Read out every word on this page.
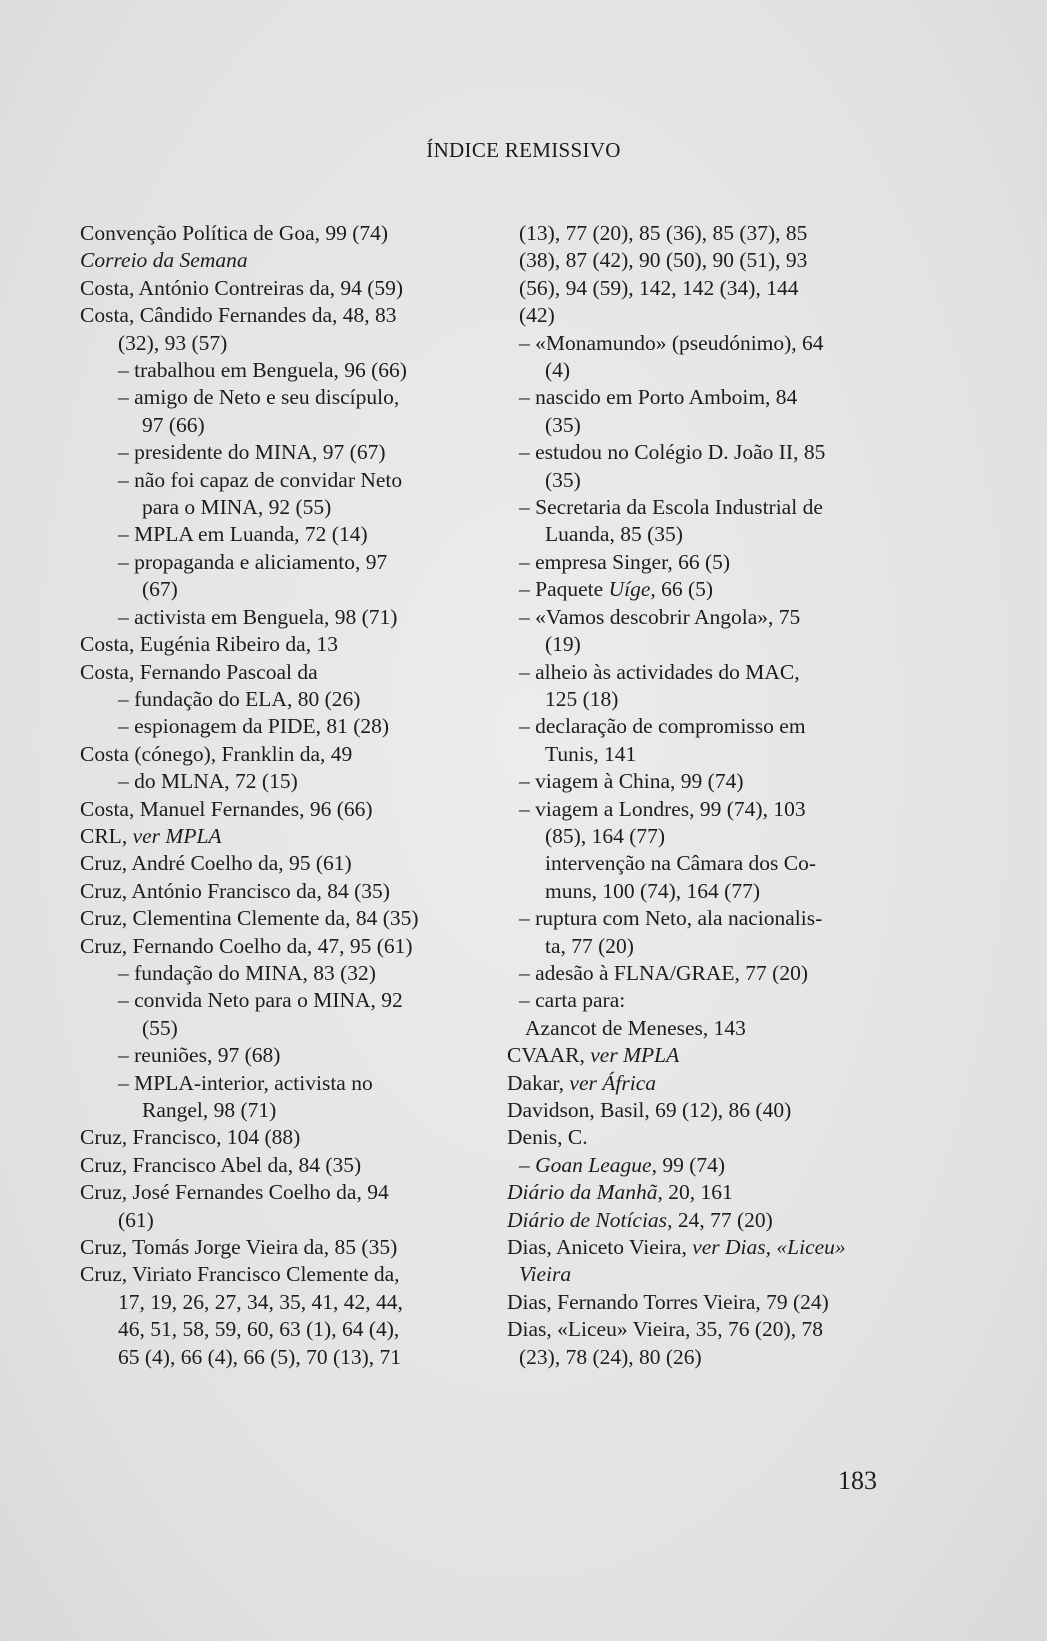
ÍNDICE REMISSIVO
Convenção Política de Goa, 99 (74)
Correio da Semana
Costa, António Contreiras da, 94 (59)
Costa, Cândido Fernandes da, 48, 83
(32), 93 (57)
– trabalhou em Benguela, 96 (66)
– amigo de Neto e seu discípulo,
97 (66)
– presidente do MINA, 97 (67)
– não foi capaz de convidar Neto
para o MINA, 92 (55)
– MPLA em Luanda, 72 (14)
– propaganda e aliciamento, 97
(67)
– activista em Benguela, 98 (71)
Costa, Eugénia Ribeiro da, 13
Costa, Fernando Pascoal da
– fundação do ELA, 80 (26)
– espionagem da PIDE, 81 (28)
Costa (cónego), Franklin da, 49
– do MLNA, 72 (15)
Costa, Manuel Fernandes, 96 (66)
CRL, ver MPLA
Cruz, André Coelho da, 95 (61)
Cruz, António Francisco da, 84 (35)
Cruz, Clementina Clemente da, 84 (35)
Cruz, Fernando Coelho da, 47, 95 (61)
– fundação do MINA, 83 (32)
– convida Neto para o MINA, 92
(55)
– reuniões, 97 (68)
– MPLA-interior, activista no
Rangel, 98 (71)
Cruz, Francisco, 104 (88)
Cruz, Francisco Abel da, 84 (35)
Cruz, José Fernandes Coelho da, 94
(61)
Cruz, Tomás Jorge Vieira da, 85 (35)
Cruz, Viriato Francisco Clemente da,
17, 19, 26, 27, 34, 35, 41, 42, 44,
46, 51, 58, 59, 60, 63 (1), 64 (4),
65 (4), 66 (4), 66 (5), 70 (13), 71
(13), 77 (20), 85 (36), 85 (37), 85
(38), 87 (42), 90 (50), 90 (51), 93
(56), 94 (59), 142, 142 (34), 144
(42)
– «Monamundo» (pseudónimo), 64
(4)
– nascido em Porto Amboim, 84
(35)
– estudou no Colégio D. João II, 85
(35)
– Secretaria da Escola Industrial de
Luanda, 85 (35)
– empresa Singer, 66 (5)
– Paquete Uíge, 66 (5)
– «Vamos descobrir Angola», 75
(19)
– alheio às actividades do MAC,
125 (18)
– declaração de compromisso em
Tunis, 141
– viagem à China, 99 (74)
– viagem a Londres, 99 (74), 103
(85), 164 (77)
intervenção na Câmara dos Co-
muns, 100 (74), 164 (77)
– ruptura com Neto, ala nacionalis-
ta, 77 (20)
– adesão à FLNA/GRAE, 77 (20)
– carta para:
Azancot de Meneses, 143
CVAAR, ver MPLA
Dakar, ver África
Davidson, Basil, 69 (12), 86 (40)
Denis, C.
– Goan League, 99 (74)
Diário da Manhã, 20, 161
Diário de Notícias, 24, 77 (20)
Dias, Aniceto Vieira, ver Dias, «Liceu»
Vieira
Dias, Fernando Torres Vieira, 79 (24)
Dias, «Liceu» Vieira, 35, 76 (20), 78
(23), 78 (24), 80 (26)
183
